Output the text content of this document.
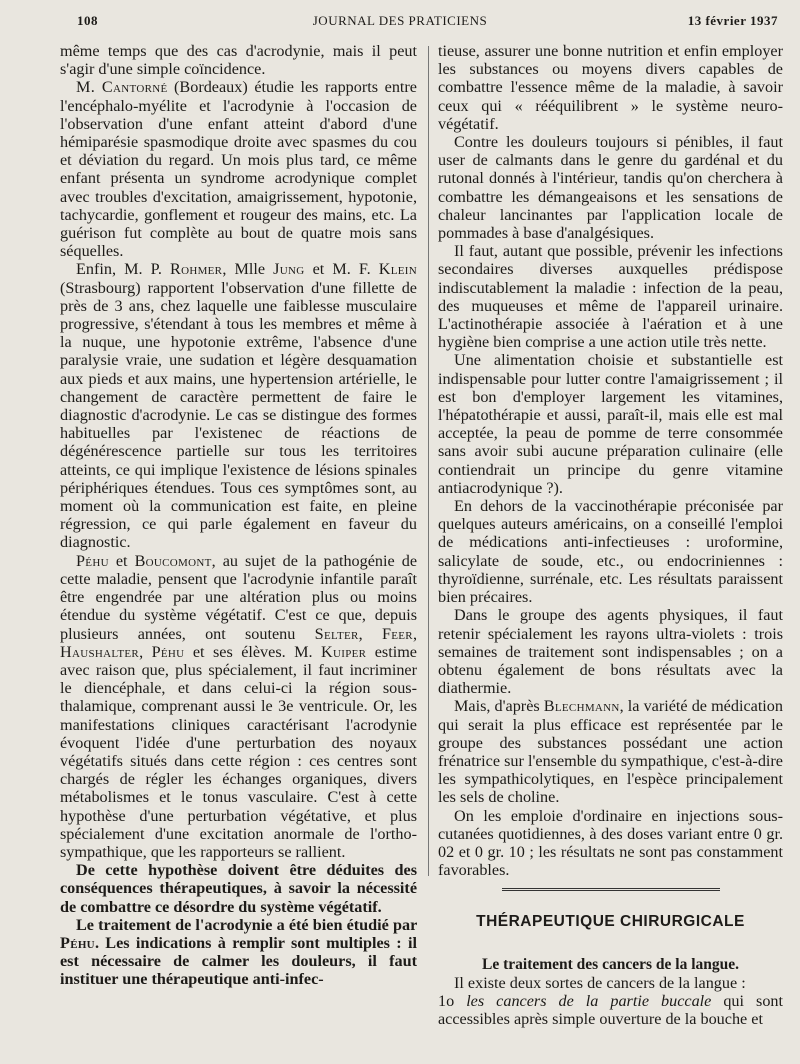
108	JOURNAL DES PRATICIENS	13 février 1937

même temps que des cas d'acrodynie, mais il peut s'agir d'une simple coïncidence.

M. Cantorné (Bordeaux) étudie les rapports entre l'encéphalo-myélite et l'acrodynie à l'occasion de l'observation d'une enfant atteint d'abord d'une hémiparésie spasmodique droite avec spasmes du cou et déviation du regard. Un mois plus tard, ce même enfant présenta un syndrome acrodynique complet avec troubles d'excitation, amaigrissement, hypotonie, tachycardie, gonflement et rougeur des mains, etc. La guérison fut complète au bout de quatre mois sans séquelles.

Enfin, M. P. Rohmer, Mlle Jung et M. F. Klein (Strasbourg) rapportent l'observation d'une fillette de près de 3 ans, chez laquelle une faiblesse musculaire progressive, s'étendant à tous les membres et même à la nuque, une hypotonie extrême, l'absence d'une paralysie vraie, une sudation et légère desquamation aux pieds et aux mains, une hypertension artérielle, le changement de caractère permettent de faire le diagnostic d'acrodynie. Le cas se distingue des formes habituelles par l'existenec de réactions de dégénérescence partielle sur tous les territoires atteints, ce qui implique l'existence de lésions spinales périphériques étendues. Tous ces symptômes sont, au moment où la communication est faite, en pleine régression, ce qui parle également en faveur du diagnostic.

Péhu et Boucomont, au sujet de la pathogénie de cette maladie, pensent que l'acrodynie infantile paraît être engendrée par une altération plus ou moins étendue du système végétatif. C'est ce que, depuis plusieurs années, ont soutenu Selter, Feer, Haushalter, Péhu et ses élèves. M. Kuiper estime avec raison que, plus spécialement, il faut incriminer le diencéphale, et dans celui-ci la région sous-thalamique, comprenant aussi le 3e ventricule. Or, les manifestations cliniques caractérisant l'acrodynie évoquent l'idée d'une perturbation des noyaux végétatifs situés dans cette région : ces centres sont chargés de régler les échanges organiques, divers métabolismes et le tonus vasculaire. C'est à cette hypothèse d'une perturbation végétative, et plus spécialement d'une excitation anormale de l'ortho-sympathique, que les rapporteurs se rallient.

De cette hypothèse doivent être déduites des conséquences thérapeutiques, à savoir la nécessité de combattre ce désordre du système végétatif.

Le traitement de l'acrodynie a été bien étudié par Péhu. Les indications à remplir sont multiples : il est nécessaire de calmer les douleurs, il faut instituer une thérapeutique anti-infec-

tieuse, assurer une bonne nutrition et enfin employer les substances ou moyens divers capables de combattre l'essence même de la maladie, à savoir ceux qui « rééquilibrent » le système neuro-végétatif.

Contre les douleurs toujours si pénibles, il faut user de calmants dans le genre du gardénal et du rutonal donnés à l'intérieur, tandis qu'on cherchera à combattre les démangeaisons et les sensations de chaleur lancinantes par l'application locale de pommades à base d'analgésiques.

Il faut, autant que possible, prévenir les infections secondaires diverses auxquelles prédispose indiscutablement la maladie : infection de la peau, des muqueuses et même de l'appareil urinaire. L'actinothérapie associée à l'aération et à une hygiène bien comprise a une action utile très nette.

Une alimentation choisie et substantielle est indispensable pour lutter contre l'amaigrissement ; il est bon d'employer largement les vitamines, l'hépatothérapie et aussi, paraît-il, mais elle est mal acceptée, la peau de pomme de terre consommée sans avoir subi aucune préparation culinaire (elle contiendrait un principe du genre vitamine antiacrodynique ?).

En dehors de la vaccinothérapie préconisée par quelques auteurs américains, on a conseillé l'emploi de médications anti-infectieuses : uroformine, salicylate de soude, etc., ou endocriniennes : thyroïdienne, surrénale, etc. Les résultats paraissent bien précaires.

Dans le groupe des agents physiques, il faut retenir spécialement les rayons ultra-violets : trois semaines de traitement sont indispensables ; on a obtenu également de bons résultats avec la diathermie.

Mais, d'après Blechmann, la variété de médication qui serait la plus efficace est représentée par le groupe des substances possédant une action frénatrice sur l'ensemble du sympathique, c'est-à-dire les sympathicolytiques, en l'espèce principalement les sels de choline.

On les emploie d'ordinaire en injections sous-cutanées quotidiennes, à des doses variant entre 0 gr. 02 et 0 gr. 10 ; les résultats ne sont pas constamment favorables.

THÉRAPEUTIQUE CHIRURGICALE
Le traitement des cancers de la langue.

Il existe deux sortes de cancers de la langue :

1o les cancers de la partie buccale qui sont accessibles après simple ouverture de la bouche et
